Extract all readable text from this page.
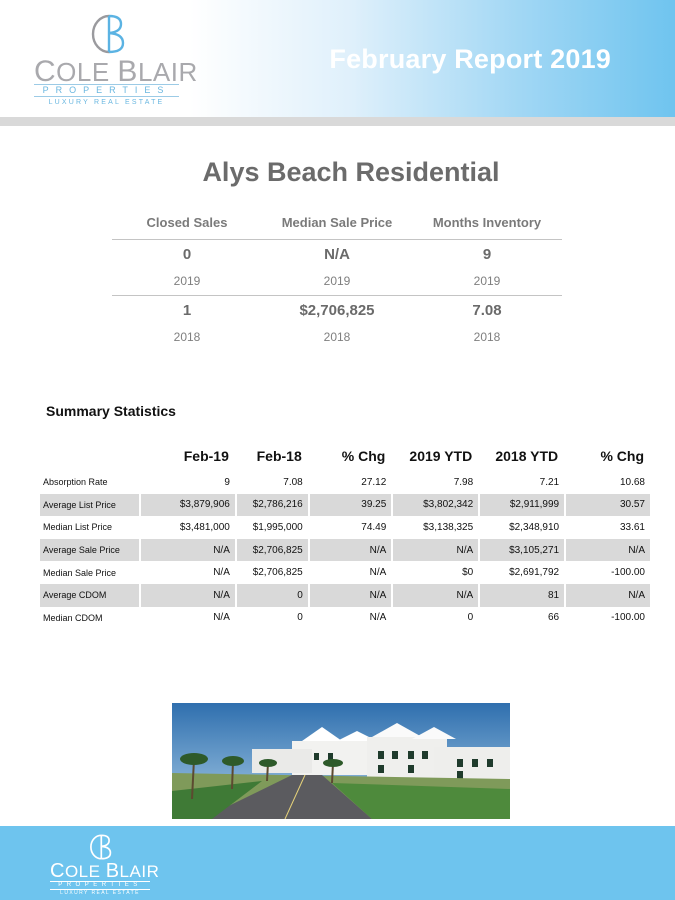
COLE BLAIR
PROPERTIES
LUXURY REAL ESTATE
February Report 2019
Alys Beach Residential
Closed Sales	Median Sale Price	Months Inventory
0	N/A	9
2019	2019	2019
1	$2,706,825	7.08
2018	2018	2018
Summary Statistics
	Feb-19	Feb-18	% Chg	2019 YTD	2018 YTD	% Chg
Absorption Rate	9	7.08	27.12	7.98	7.21	10.68
Average List Price	$3,879,906	$2,786,216	39.25	$3,802,342	$2,911,999	30.57
Median List Price	$3,481,000	$1,995,000	74.49	$3,138,325	$2,348,910	33.61
Average Sale Price	N/A	$2,706,825	N/A	N/A	$3,105,271	N/A
Median Sale Price	N/A	$2,706,825	N/A	$0	$2,691,792	-100.00
Average CDOM	N/A	0	N/A	N/A	81	N/A
Median CDOM	N/A	0	N/A	0	66	-100.00
COLE BLAIR
PROPERTIES
LUXURY REAL ESTATE
